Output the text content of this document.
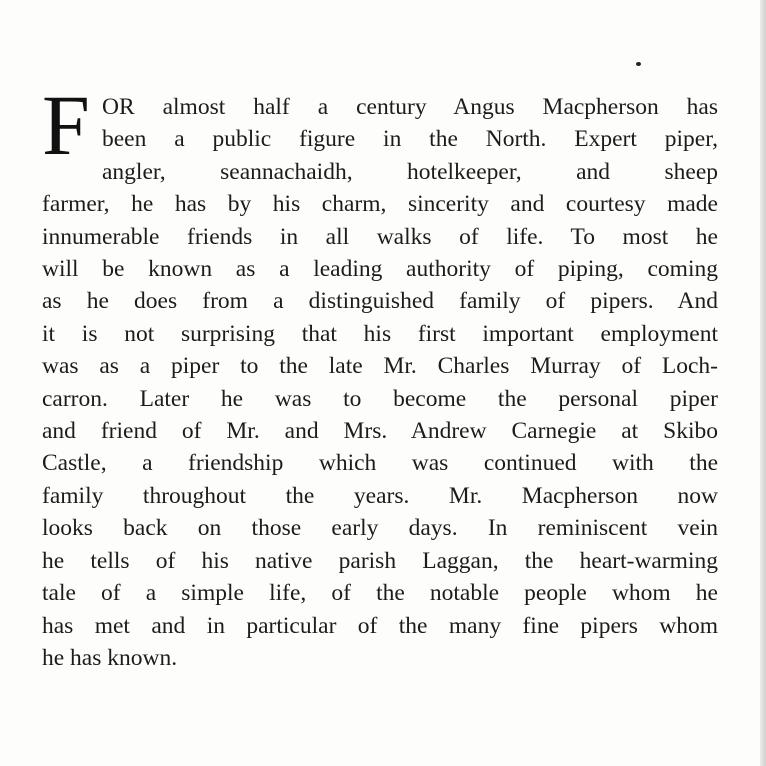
F OR almost half a century Angus Macpherson has
been a public figure in the North. Expert piper,
angler, seannachaidh, hotelkeeper, and sheep
farmer, he has by his charm, sincerity and courtesy made
innumerable friends in all walks of life. To most he
will be known as a leading authority of piping, coming
as he does from a distinguished family of pipers. And
it is not surprising that his first important employment
was as a piper to the late Mr. Charles Murray of Loch-
carron. Later he was to become the personal piper
and friend of Mr. and Mrs. Andrew Carnegie at Skibo
Castle, a friendship which was continued with the
family throughout the years. Mr. Macpherson now
looks back on those early days. In reminiscent vein
he tells of his native parish Laggan, the heart-warming
tale of a simple life, of the notable people whom he
has met and in particular of the many fine pipers whom
he has known.
